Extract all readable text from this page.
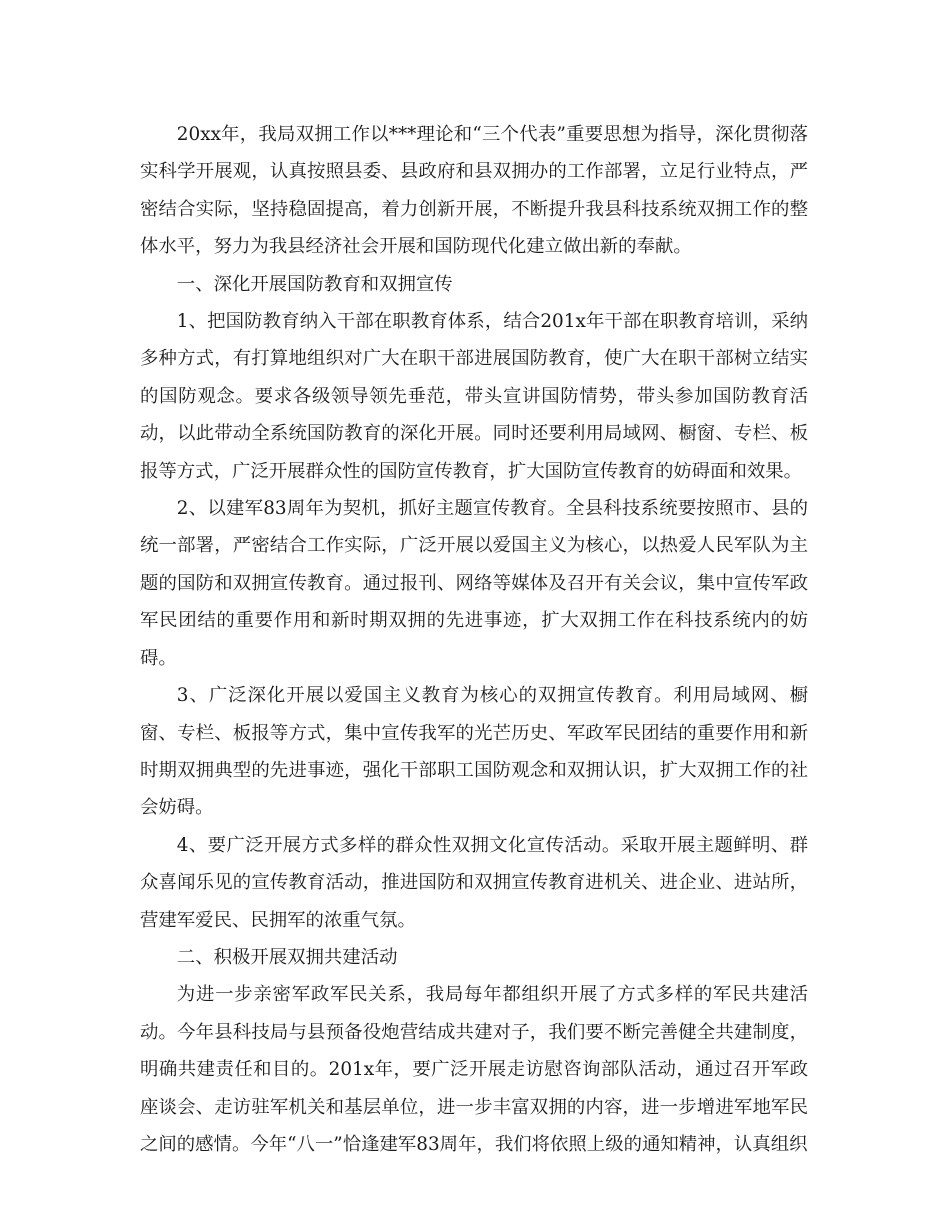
20xx年，我局双拥工作以***理论和“三个代表”重要思想为指导，深化贯彻落实科学开展观，认真按照县委、县政府和县双拥办的工作部署，立足行业特点，严密结合实际，坚持稳固提高，着力创新开展，不断提升我县科技系统双拥工作的整体水平，努力为我县经济社会开展和国防现代化建立做出新的奉献。

一、深化开展国防教育和双拥宣传

1、把国防教育纳入干部在职教育体系，结合201x年干部在职教育培训，采纳多种方式，有打算地组织对广大在职干部进展国防教育，使广大在职干部树立结实的国防观念。要求各级领导领先垂范，带头宣讲国防情势，带头参加国防教育活动，以此带动全系统国防教育的深化开展。同时还要利用局域网、橱窗、专栏、板报等方式，广泛开展群众性的国防宣传教育，扩大国防宣传教育的妨碍面和效果。

2、以建军83周年为契机，抓好主题宣传教育。全县科技系统要按照市、县的统一部署，严密结合工作实际，广泛开展以爱国主义为核心，以热爱人民军队为主题的国防和双拥宣传教育。通过报刊、网络等媒体及召开有关会议，集中宣传军政军民团结的重要作用和新时期双拥的先进事迹，扩大双拥工作在科技系统内的妨碍。

3、广泛深化开展以爱国主义教育为核心的双拥宣传教育。利用局域网、橱窗、专栏、板报等方式，集中宣传我军的光芒历史、军政军民团结的重要作用和新时期双拥典型的先进事迹，强化干部职工国防观念和双拥认识，扩大双拥工作的社会妨碍。

4、要广泛开展方式多样的群众性双拥文化宣传活动。采取开展主题鲜明、群众喜闻乐见的宣传教育活动，推进国防和双拥宣传教育进机关、进企业、进站所，营建军爱民、民拥军的浓重气氛。

二、积极开展双拥共建活动

为进一步亲密军政军民关系，我局每年都组织开展了方式多样的军民共建活动。今年县科技局与县预备役炮营结成共建对子，我们要不断完善健全共建制度，明确共建责任和目的。201x年，要广泛开展走访慰咨询部队活动，通过召开军政座谈会、走访驻军机关和基层单位，进一步丰富双拥的内容，进一步增进军地军民之间的感情。今年“八一”恰逢建军83周年，我们将依照上级的通知精神，认真组织
